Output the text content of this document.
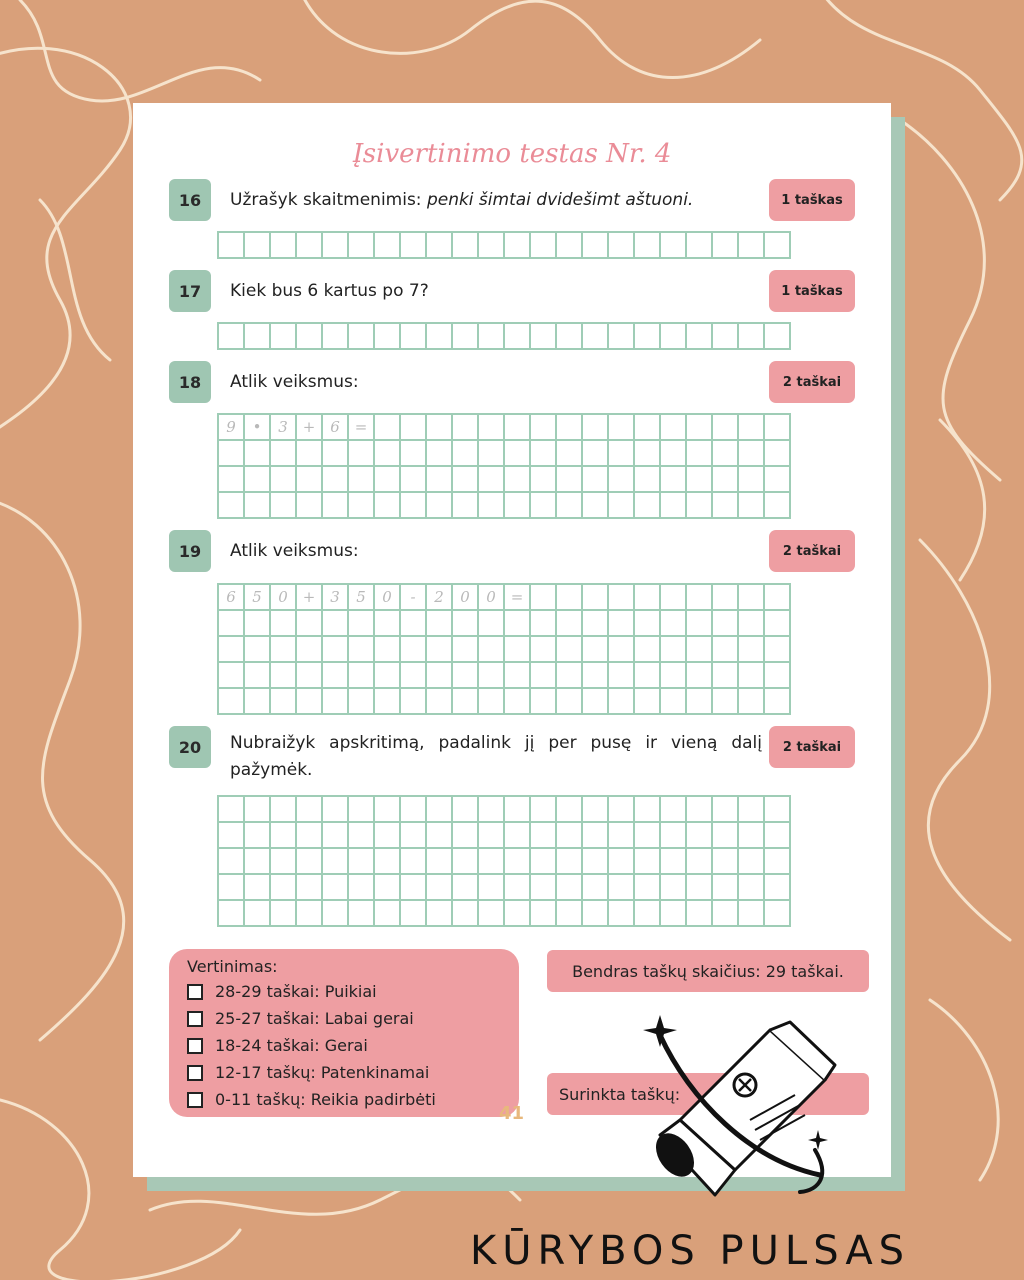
Įsivertinimo testas Nr. 4
16	Užrašyk skaitmenimis: penki šimtai dvidešimt aštuoni.	1 taškas
17	Kiek bus 6 kartus po 7?	1 taškas
18	Atlik veiksmus:	2 taškai
9	•	3 + 6 =
19	Atlik veiksmus:	2 taškai
6	5	0 + 3	5	0	-	2	0	0 =
20	Nubraižyk apskritimą, padalink jį per pusę ir vieną dalį pažymėk.
2 taškai
Vertinimas:
28-29 taškai: Puikiai
25-27 taškai: Labai gerai
18-24 taškai: Gerai
12-17 taškų: Patenkinamai
0-11 taškų: Reikia padirbėti
Bendras taškų skaičius: 29 taškai.
Surinkta taškų:
41
KŪRYBOS PULSAS
